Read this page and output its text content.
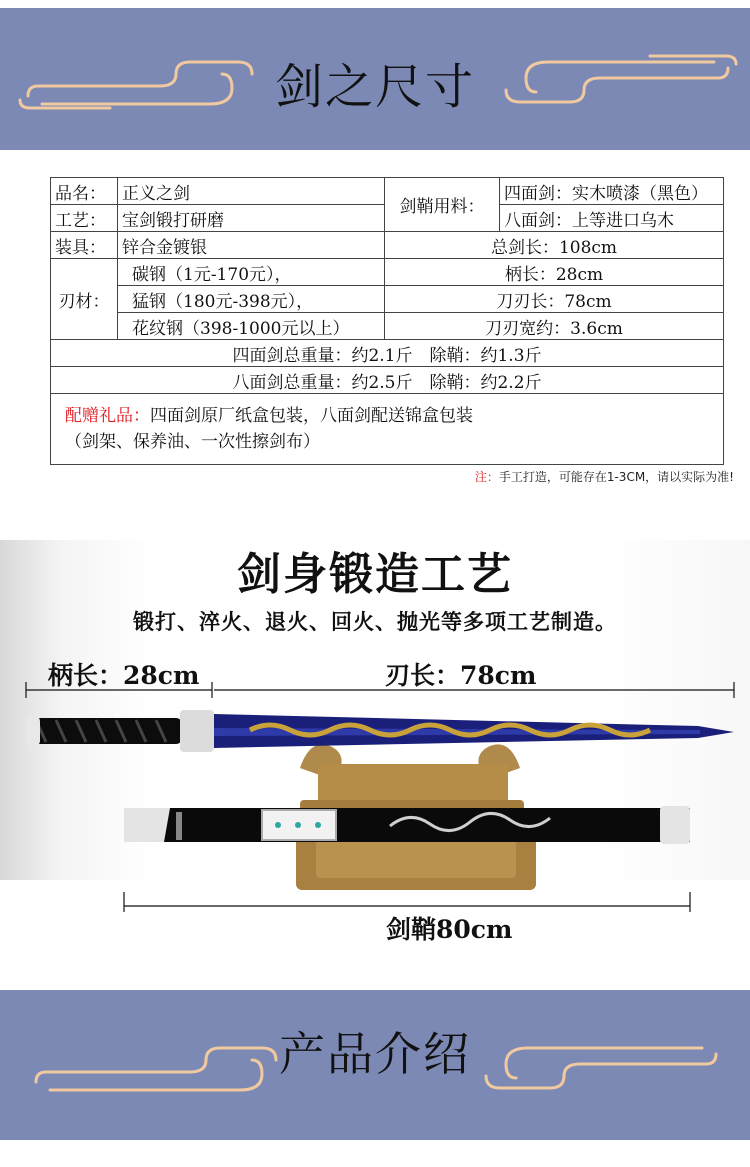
剑之尺寸
品名：	正义之剑	剑鞘用料：	四面剑：实木喷漆（黑色）
工艺：	宝剑锻打研磨		八面剑：上等进口乌木
装具：	锌合金镀银	总剑长：108cm	
刃材：	碳钢（1元-170元），	柄长：28cm	
	猛钢（180元-398元），	刀刃长：78cm	
	花纹钢（398-1000元以上）	刀刃宽约：3.6cm	
四面剑总重量：约2.1斤　除鞘：约1.3斤			
八面剑总重量：约2.5斤　除鞘：约2.2斤			
配赠礼品：四面剑原厂纸盒包装，八面剑配送锦盒包装
（剑架、保养油、一次性擦剑布）			
注：手工打造，可能存在1-3CM，请以实际为准!
剑身锻造工艺
锻打、淬火、退火、回火、抛光等多项工艺制造。
柄长：28cm	刃长：78cm
剑鞘80cm
产品介绍
